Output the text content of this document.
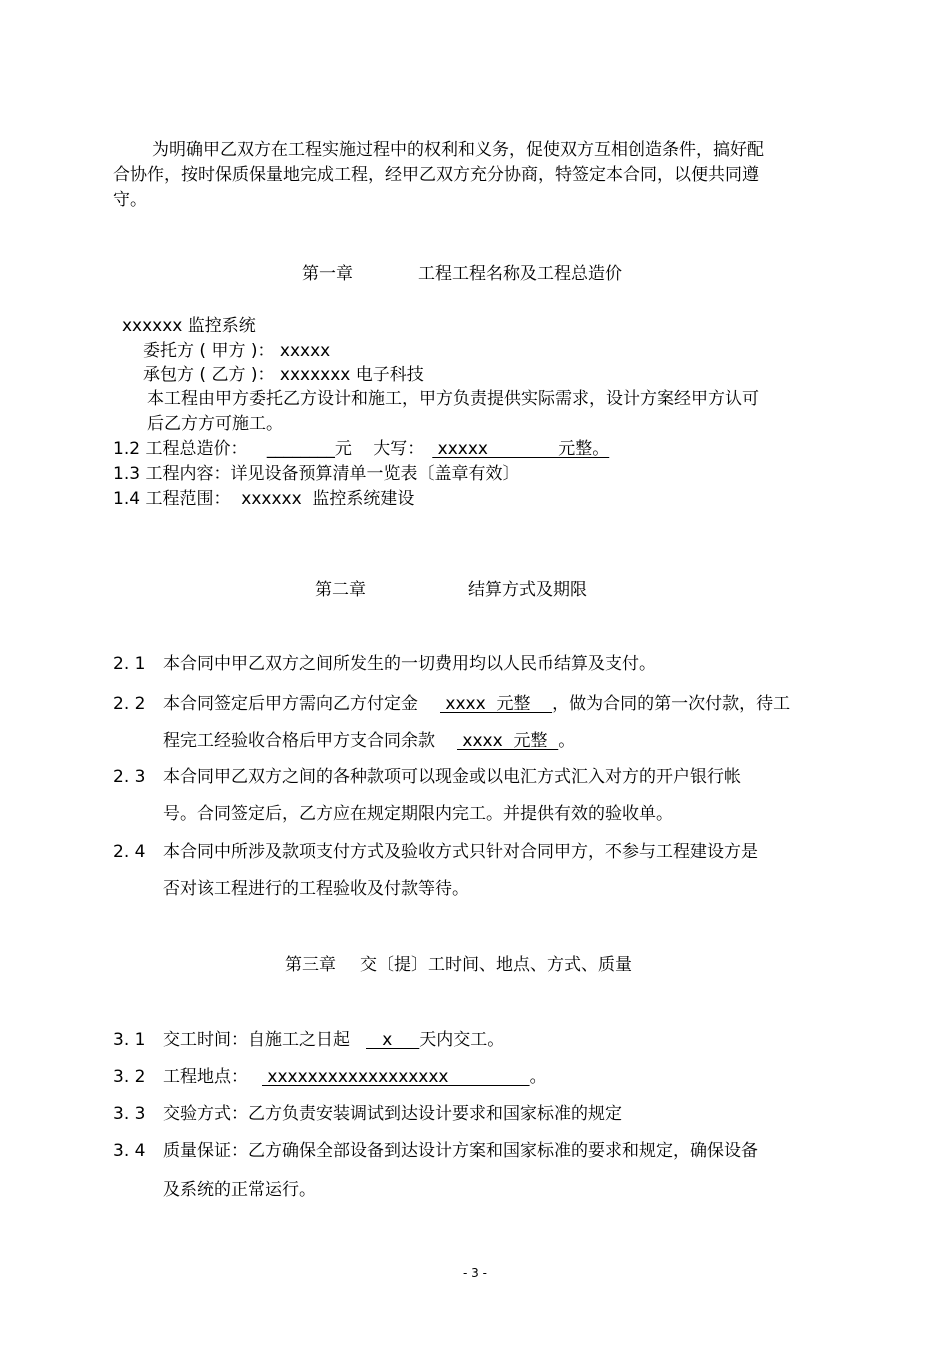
为明确甲乙双方在工程实施过程中的权利和义务，促使双方互相创造条件，搞好配
合协作，按时保质保量地完成工程，经甲乙双方充分协商，特签定本合同，以便共同遵
守。
第一章	工程工程名称及工程总造价
xxxxxx 监控系统
委托方 ( 甲方 )： xxxxx
承包方 ( 乙方 )： xxxxxxx 电子科技
本工程由甲方委托乙方设计和施工，甲方负责提供实际需求，设计方案经甲方认可
后乙方方可施工。
1.2 工程总造价： ________元 大写： xxxxx             元整。
1.3 工程内容：详见设备预算清单一览表〔盖章有效〕
1.4 工程范围：  xxxxxx  监控系统建设
第二章	结算方式及期限
2. 1 本合同中甲乙双方之间所发生的一切费用均以人民币结算及支付。
2. 2 本合同签定后甲方需向乙方付定金 xxxx  元整    ，做为合同的第一次付款，待工
程完工经验收合格后甲方支合同余款 xxxx  元整  。
2. 3 本合同甲乙双方之间的各种款项可以现金或以电汇方式汇入对方的开户银行帐
号。合同签定后，乙方应在规定期限内完工。并提供有效的验收单。
2. 4 本合同中所涉及款项支付方式及验收方式只针对合同甲方，不参与工程建设方是
否对该工程进行的工程验收及付款等待。
第三章 交〔提〕工时间、地点、方式、质量
3. 1 交工时间：自施工之日起   x     天内交工。
3. 2 工程地点： xxxxxxxxxxxxxxxxxx               。
3. 3 交验方式：乙方负责安装调试到达设计要求和国家标准的规定
3. 4 质量保证：乙方确保全部设备到达设计方案和国家标准的要求和规定，确保设备
及系统的正常运行。
- 3 -
